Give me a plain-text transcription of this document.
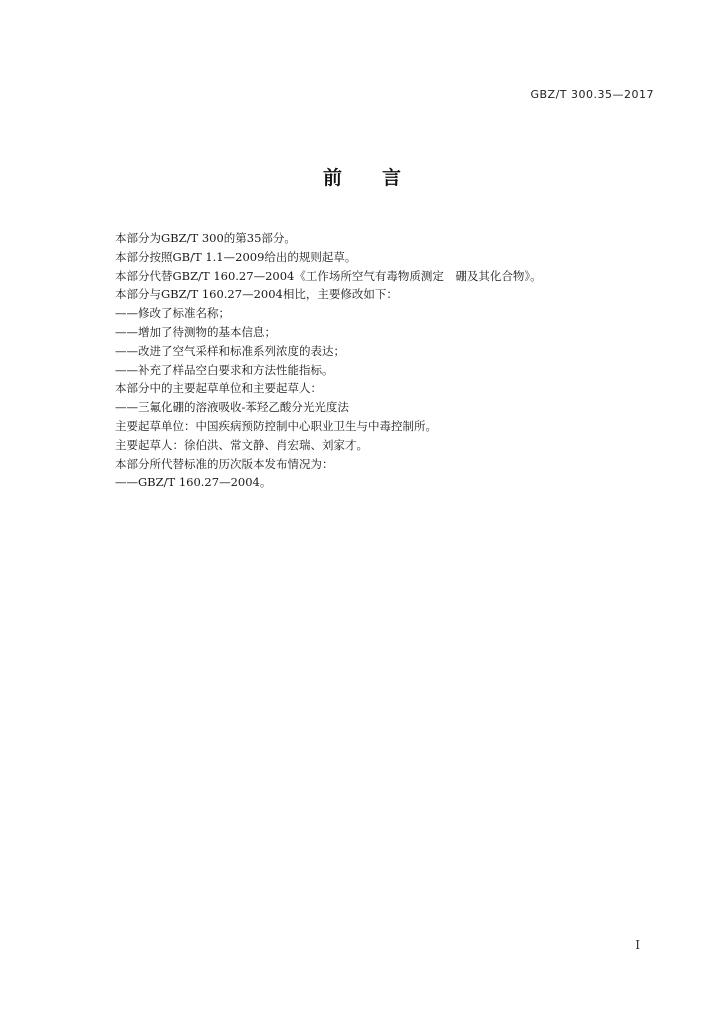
GBZ/T 300.35—2017
前言
本部分为GBZ/T 300的第35部分。
本部分按照GB/T 1.1—2009给出的规则起草。
本部分代替GBZ/T 160.27—2004《工作场所空气有毒物质测定　硼及其化合物》。
本部分与GBZ/T 160.27—2004相比，主要修改如下：
——修改了标准名称；
——增加了待测物的基本信息；
——改进了空气采样和标准系列浓度的表达；
——补充了样品空白要求和方法性能指标。
本部分中的主要起草单位和主要起草人：
——三氟化硼的溶液吸收-苯羟乙酸分光光度法
主要起草单位：中国疾病预防控制中心职业卫生与中毒控制所。
主要起草人：徐伯洪、常文静、肖宏瑞、刘家才。
本部分所代替标准的历次版本发布情况为：
——GBZ/T 160.27—2004。
I
